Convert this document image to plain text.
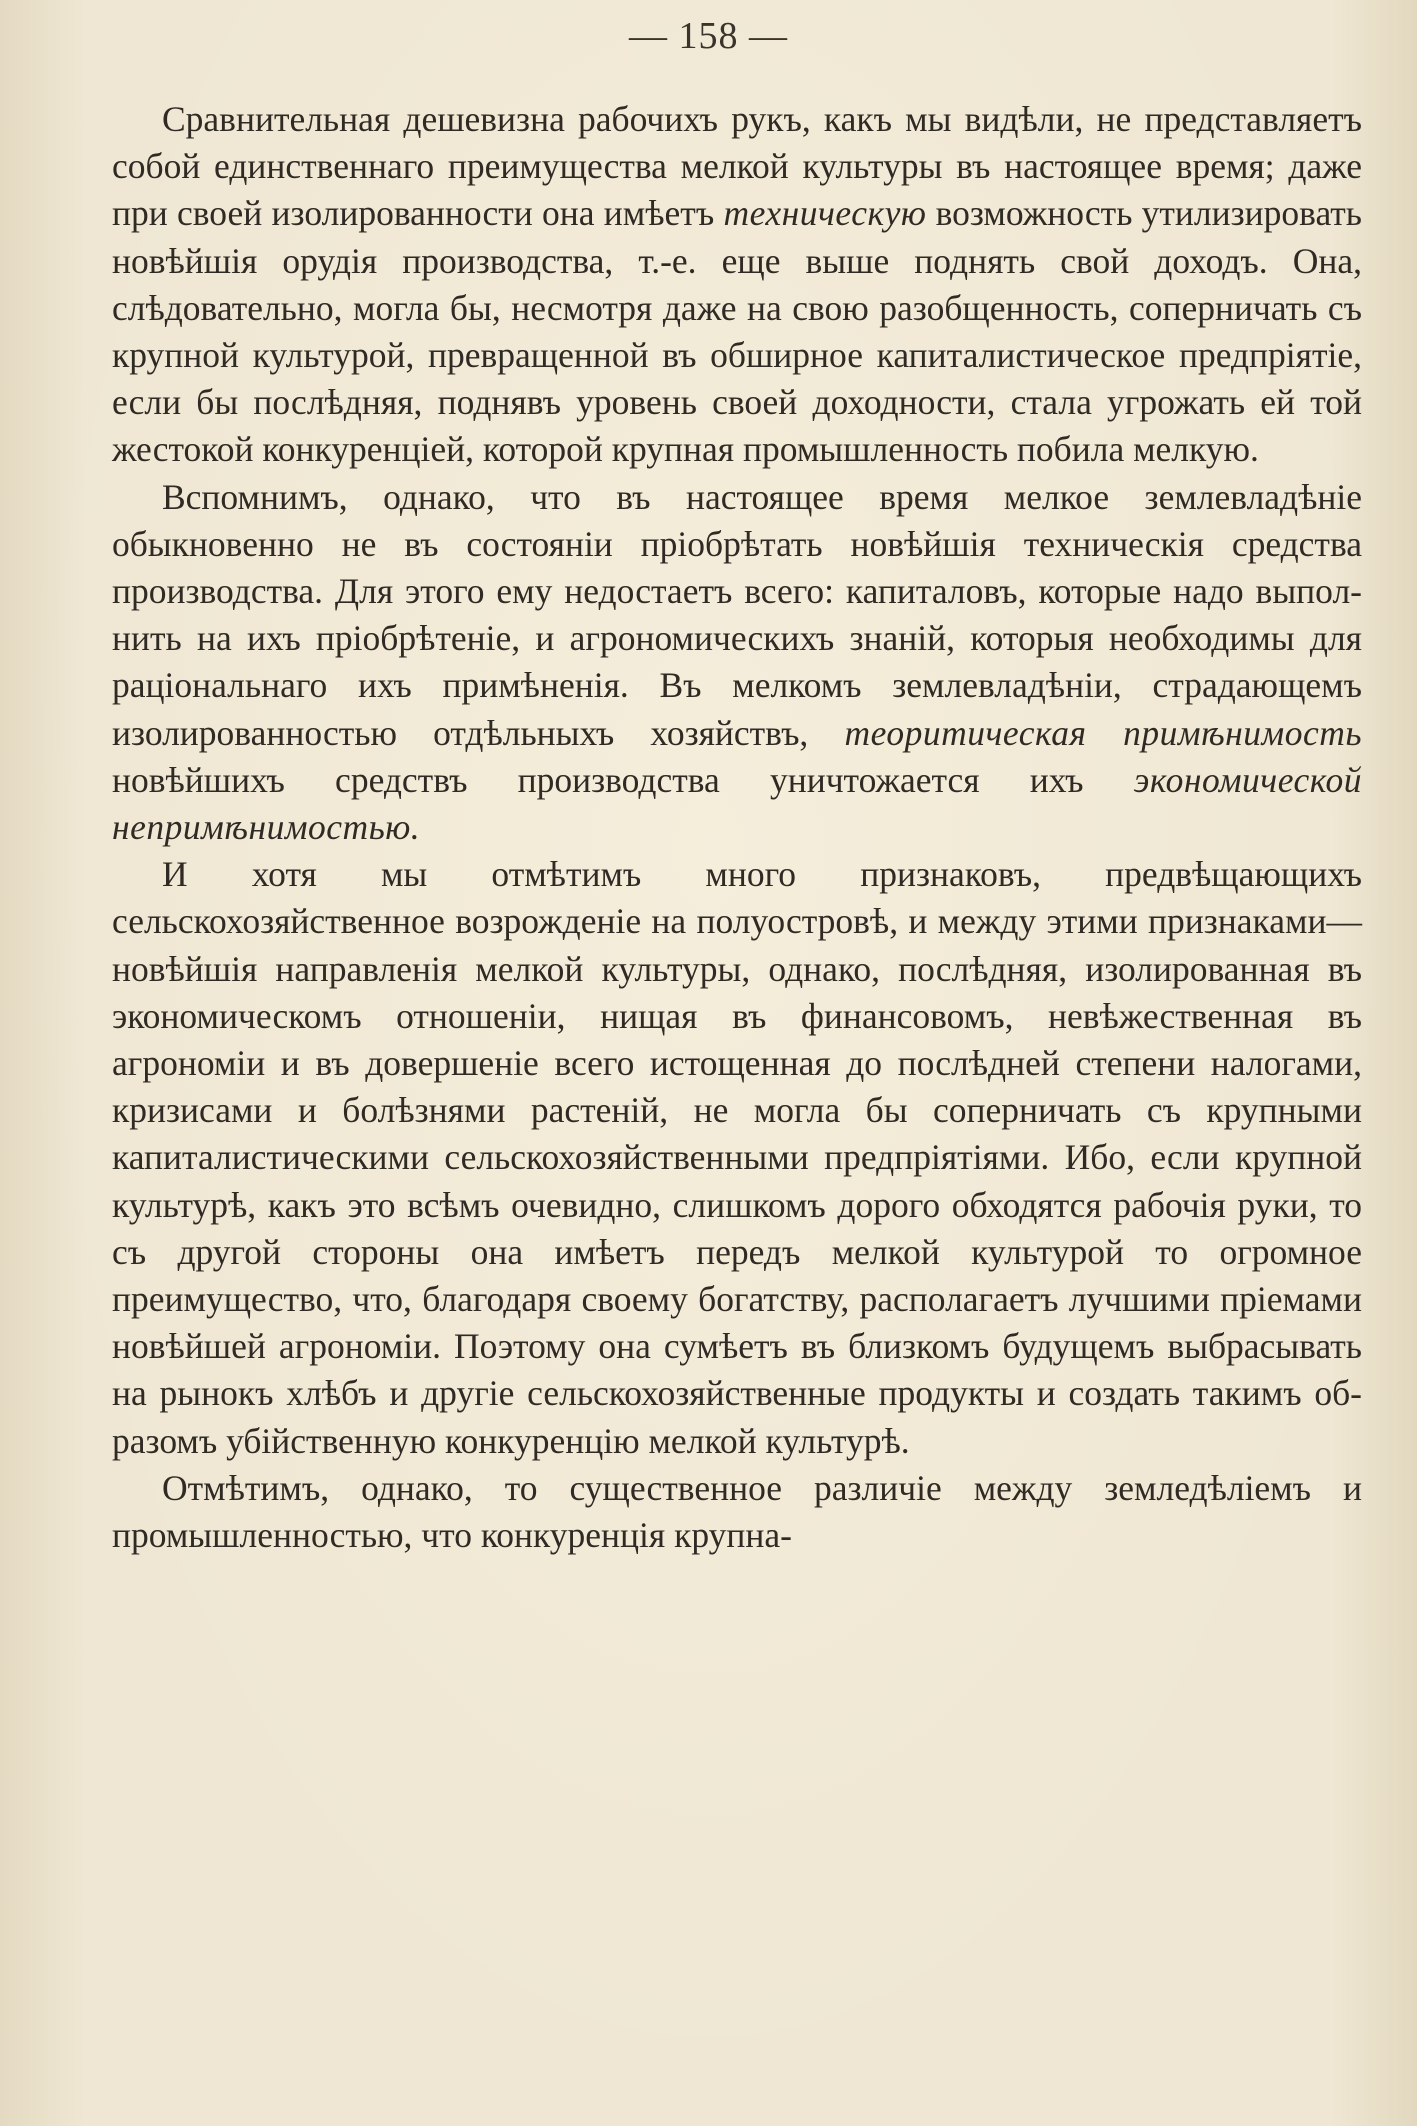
— 158 —

Сравнительная дешевизна рабочихъ рукъ, какъ мы видѣли, не представляетъ собой единственнаго преимущества мелкой культуры въ настоящее время; даже при своей изолированности она имѣетъ техническую возможность утилизировать новѣйшія орудія производства, т.-е. еще выше поднять свой доходъ. Она, слѣдовательно, могла бы, несмотря даже на свою разобщенность, соперничать съ крупной культурой, превращенной въ обширное капиталистическое предпріятіе, если бы послѣдняя, поднявъ уровень своей доходности, стала угрожать ей той жестокой конкуренціей, которой крупная промышленность побила мелкую.

Вспомнимъ, однако, что въ настоящее время мелкое землевладѣніе обыкновенно не въ состояніи пріобрѣтать новѣйшія техническія средства производства. Для этого ему недостаетъ всего: капиталовъ, которые надо выполнить на ихъ пріобрѣтеніе, и агрономическихъ знаній, которыя необходимы для раціональнаго ихъ примѣненія. Въ мелкомъ землевладѣніи, страдающемъ изолированностью отдѣльныхъ хозяйствъ, теоритическая примѣнимость новѣйшихъ средствъ производства уничтожается ихъ экономической непримѣнимостью.

И хотя мы отмѣтимъ много признаковъ, предвѣщающихъ сельскохозяйственное возрожденіе на полуостровѣ, и между этими признаками—новѣйшія направленія мелкой культуры, однако, послѣдняя, изолированная въ экономическомъ отношеніи, нищая въ финансовомъ, невѣжественная въ агрономіи и въ довершеніе всего истощенная до послѣдней степени налогами, кризисами и болѣзнями растеній, не могла бы соперничать съ крупными капиталистическими сельскохозяйственными предпріятіями. Ибо, если крупной культурѣ, какъ это всѣмъ очевидно, слишкомъ дорого обходятся рабочія руки, то съ другой стороны она имѣетъ передъ мелкой культурой то огромное преимущество, что, благодаря своему богатству, располагаетъ лучшими пріемами новѣйшей агрономіи. Поэтому она сумѣетъ въ близкомъ будущемъ выбрасывать на рынокъ хлѣбъ и другіе сельскохозяйственные продукты и создать такимъ образомъ убійственную конкуренцію мелкой культурѣ.

Отмѣтимъ, однако, то существенное различіе между земледѣліемъ и промышленностью, что конкуренція крупна-
